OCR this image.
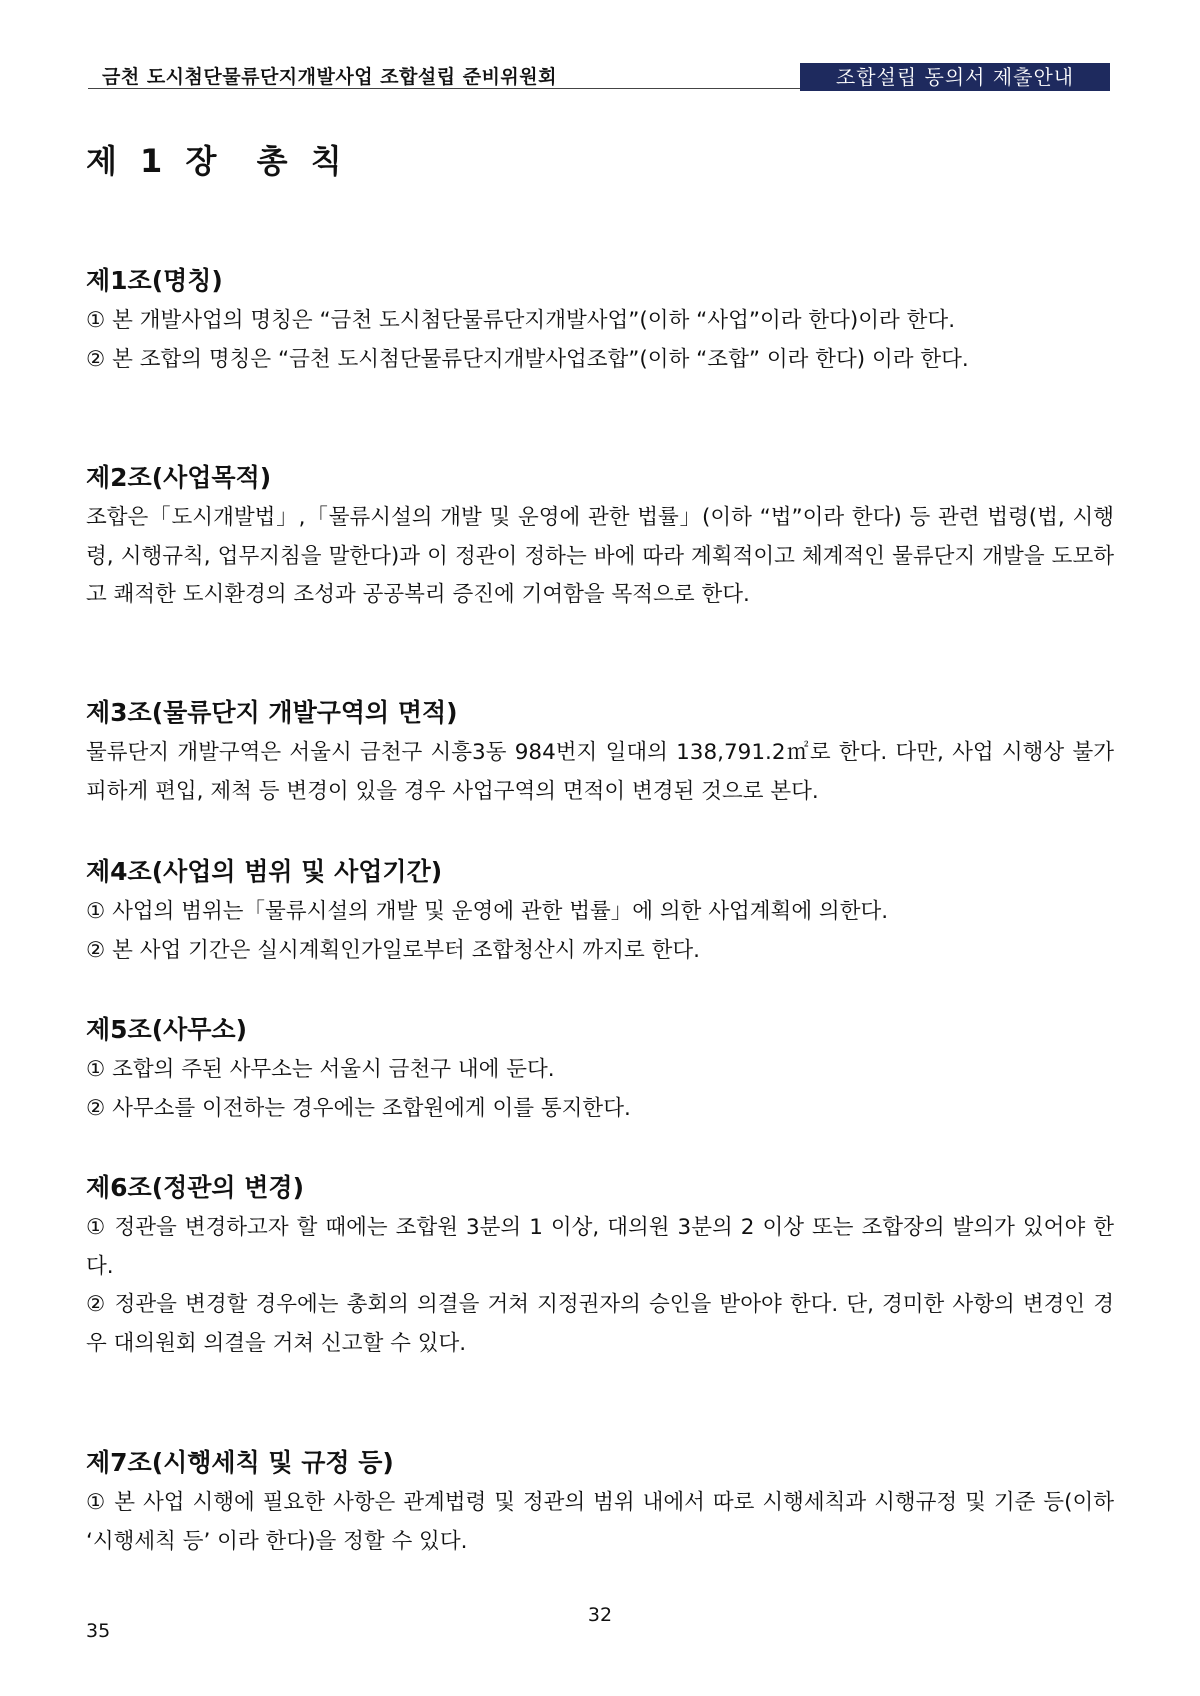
금천 도시첨단물류단지개발사업 조합설립 준비위원회	조합설립 동의서 제출안내
제 1 장  총 칙
제1조(명칭)

① 본 개발사업의 명칭은 “금천 도시첨단물류단지개발사업”(이하 “사업”이라 한다)이라 한다.

② 본 조합의 명칭은 “금천 도시첨단물류단지개발사업조합”(이하 “조합” 이라 한다) 이라 한다.

제2조(사업목적)

조합은「도시개발법」,「물류시설의 개발 및 운영에 관한 법률」(이하 “법”이라 한다) 등 관련 법령(법, 시행령, 시행규칙, 업무지침을 말한다)과 이 정관이 정하는 바에 따라 계획적이고 체계적인 물류단지 개발을 도모하고 쾌적한 도시환경의 조성과 공공복리 증진에 기여함을 목적으로 한다.

제3조(물류단지 개발구역의 면적)

물류단지 개발구역은 서울시 금천구 시흥3동 984번지 일대의 138,791.2㎡로 한다. 다만, 사업 시행상 불가피하게 편입, 제척 등 변경이 있을 경우 사업구역의 면적이 변경된 것으로 본다.

제4조(사업의 범위 및 사업기간)

① 사업의 범위는「물류시설의 개발 및 운영에 관한 법률」에 의한 사업계획에 의한다.

② 본 사업 기간은 실시계획인가일로부터 조합청산시 까지로 한다.

제5조(사무소)

① 조합의 주된 사무소는 서울시 금천구 내에 둔다.

② 사무소를 이전하는 경우에는 조합원에게 이를 통지한다.

제6조(정관의 변경)

① 정관을 변경하고자 할 때에는 조합원 3분의 1 이상, 대의원 3분의 2 이상 또는 조합장의 발의가 있어야 한다.

② 정관을 변경할 경우에는 총회의 의결을 거쳐 지정권자의 승인을 받아야 한다. 단, 경미한 사항의 변경인 경우 대의원회 의결을 거쳐 신고할 수 있다.

제7조(시행세칙 및 규정 등)

① 본 사업 시행에 필요한 사항은 관계법령 및 정관의 범위 내에서 따로 시행세칙과 시행규정 및 기준 등(이하 ‘시행세칙 등’ 이라 한다)을 정할 수 있다.

32
35
